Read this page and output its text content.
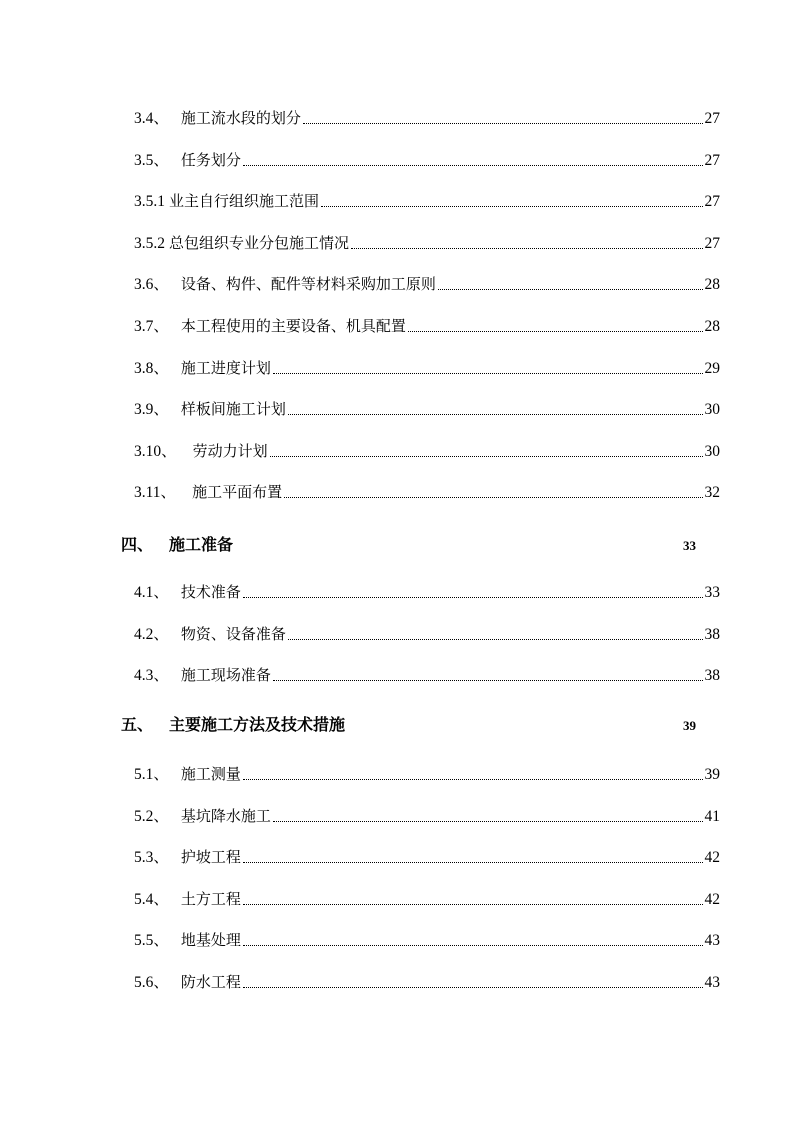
3.4、 施工流水段的划分	27
3.5、 任务划分	27
3.5.1 业主自行组织施工范围	27
3.5.2 总包组织专业分包施工情况	27
3.6、 设备、构件、配件等材料采购加工原则	28
3.7、 本工程使用的主要设备、机具配置	28
3.8、 施工进度计划	29
3.9、 样板间施工计划	30
3.10、 劳动力计划	30
3.11、 施工平面布置	32
四、 施工准备	33
4.1、 技术准备	33
4.2、 物资、设备准备	38
4.3、 施工现场准备	38
五、 主要施工方法及技术措施	39
5.1、 施工测量	39
5.2、 基坑降水施工	41
5.3、 护坡工程	42
5.4、 土方工程	42
5.5、 地基处理	43
5.6、 防水工程	43
